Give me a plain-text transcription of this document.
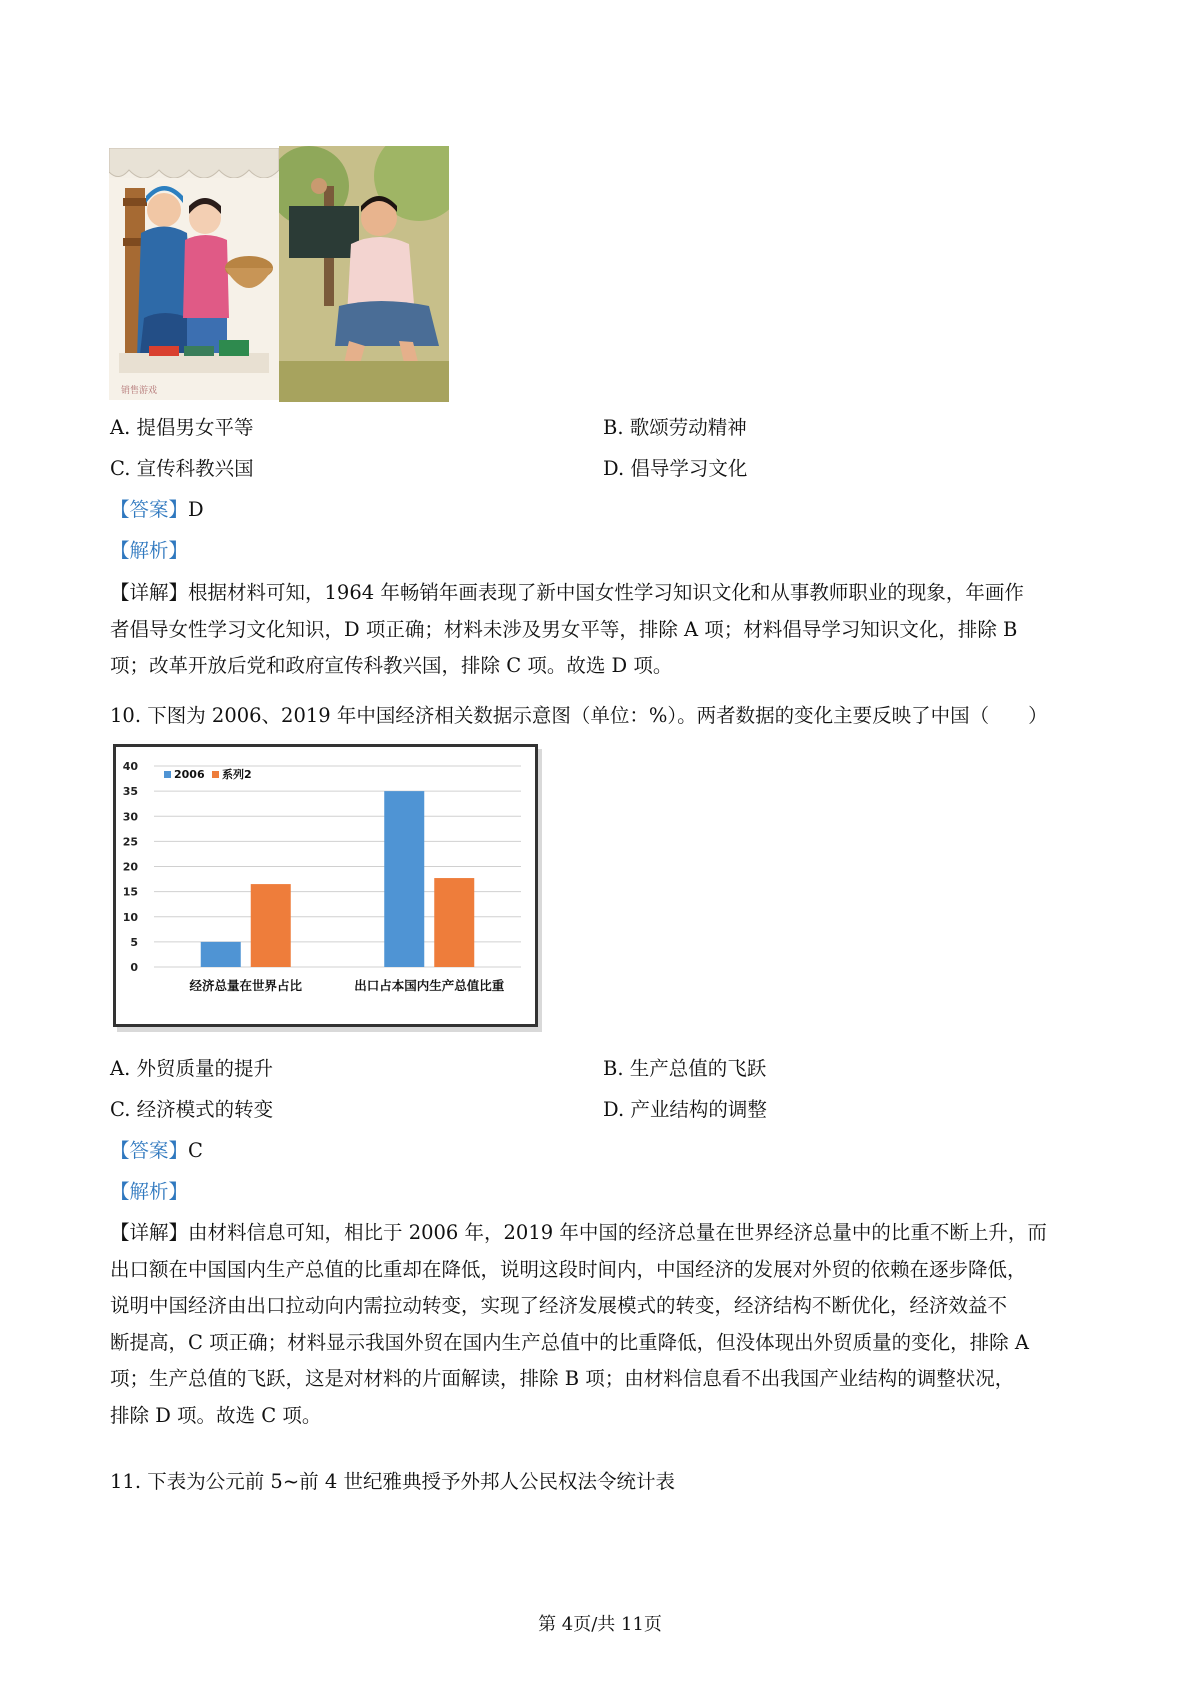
销售游戏
A. 提倡男女平等	B. 歌颂劳动精神
C. 宣传科教兴国	D. 倡导学习文化
【答案】D
【解析】
【详解】根据材料可知，1964 年畅销年画表现了新中国女性学习知识文化和从事教师职业的现象，年画作
者倡导女性学习文化知识，D 项正确；材料未涉及男女平等，排除 A 项；材料倡导学习知识文化，排除 B
项；改革开放后党和政府宣传科教兴国，排除 C 项。故选 D 项。
10. 下图为 2006、2019 年中国经济相关数据示意图（单位：%）。两者数据的变化主要反映了中国（　　）
0
5
10
15
20
25
30
35
40
经济总量在世界占比	出口占本国内生产总值比重
2006 系列2
A. 外贸质量的提升	B. 生产总值的飞跃
C. 经济模式的转变	D. 产业结构的调整
【答案】C
【解析】
【详解】由材料信息可知，相比于 2006 年，2019 年中国的经济总量在世界经济总量中的比重不断上升，而
出口额在中国国内生产总值的比重却在降低，说明这段时间内，中国经济的发展对外贸的依赖在逐步降低，
说明中国经济由出口拉动向内需拉动转变，实现了经济发展模式的转变，经济结构不断优化，经济效益不
断提高，C 项正确；材料显示我国外贸在国内生产总值中的比重降低，但没体现出外贸质量的变化，排除 A
项；生产总值的飞跃，这是对材料的片面解读，排除 B 项；由材料信息看不出我国产业结构的调整状况，
排除 D 项。故选 C 项。
11. 下表为公元前 5~前 4 世纪雅典授予外邦人公民权法令统计表
第 4页/共 11页
